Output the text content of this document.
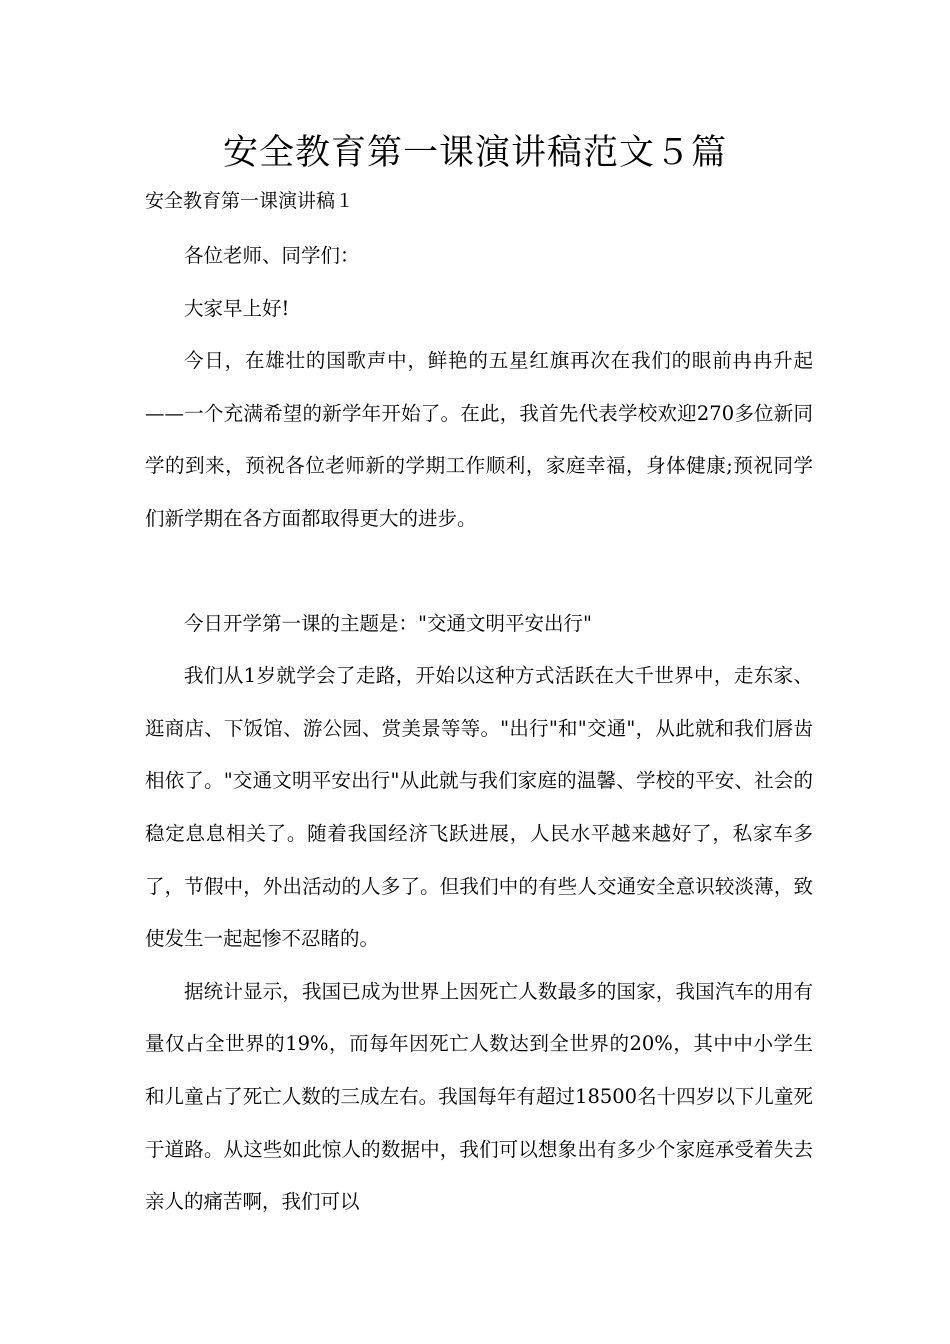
安全教育第一课演讲稿范文５篇
安全教育第一课演讲稿１

各位老师、同学们：

大家早上好!

今日，在雄壮的国歌声中，鲜艳的五星红旗再次在我们的眼前冉冉升起——一个充满希望的新学年开始了。在此，我首先代表学校欢迎270多位新同学的到来，预祝各位老师新的学期工作顺利，家庭幸福，身体健康;预祝同学们新学期在各方面都取得更大的进步。

今日开学第一课的主题是："交通文明平安出行"

我们从1岁就学会了走路，开始以这种方式活跃在大千世界中，走东家、逛商店、下饭馆、游公园、赏美景等等。"出行"和"交通"，从此就和我们唇齿相依了。"交通文明平安出行"从此就与我们家庭的温馨、学校的平安、社会的稳定息息相关了。随着我国经济飞跃进展，人民水平越来越好了，私家车多了，节假中，外出活动的人多了。但我们中的有些人交通安全意识较淡薄，致使发生一起起惨不忍睹的。

据统计显示，我国已成为世界上因死亡人数最多的国家，我国汽车的用有量仅占全世界的19%，而每年因死亡人数达到全世界的20%，其中中小学生和儿童占了死亡人数的三成左右。我国每年有超过18500名十四岁以下儿童死于道路。从这些如此惊人的数据中，我们可以想象出有多少个家庭承受着失去亲人的痛苦啊，我们可以
